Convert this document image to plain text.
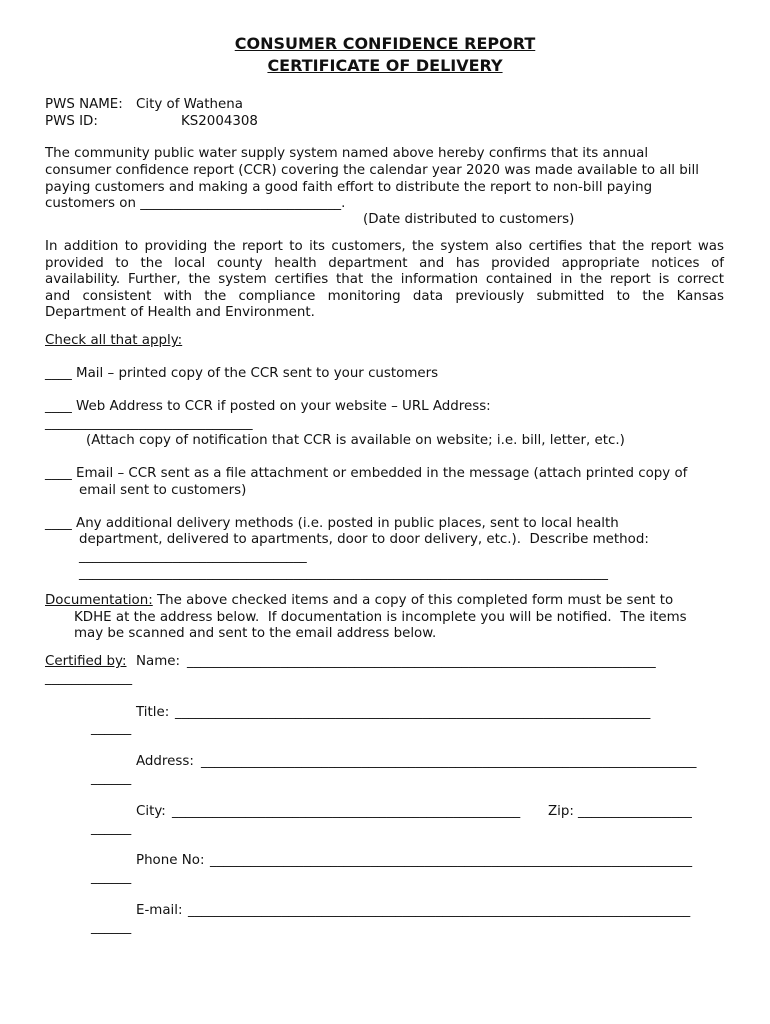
CONSUMER CONFIDENCE REPORT
CERTIFICATE OF DELIVERY
PWS NAME: City of Wathena
PWS ID:	KS2004308
The community public water supply system named above hereby confirms that its annual
consumer confidence report (CCR) covering the calendar year 2020 was made available to all bill
paying customers and making a good faith effort to distribute the report to non-bill paying
customers on ______________________________.
(Date distributed to customers)
In addition to providing the report to its customers, the system also certifies that the report was
provided to the local county health department and has provided appropriate notices of
availability. Further, the system certifies that the information contained in the report is correct
and consistent with the compliance monitoring data previously submitted to the Kansas
Department of Health and Environment.
Check all that apply:
____ Mail – printed copy of the CCR sent to your customers
____ Web Address to CCR if posted on your website – URL Address:
_______________________________
(Attach copy of notification that CCR is available on website; i.e. bill, letter, etc.)
____ Email – CCR sent as a file attachment or embedded in the message (attach printed copy of
email sent to customers)
____ Any additional delivery methods (i.e. posted in public places, sent to local health
department, delivered to apartments, door to door delivery, etc.).  Describe method:
__________________________________
_______________________________________________________________________________
Documentation: The above checked items and a copy of this completed form must be sent to
KDHE at the address below.  If documentation is incomplete you will be notified.  The items
may be scanned and sent to the email address below.
Certified by: Name: ______________________________________________________________________
_____________
Title: _______________________________________________________________________
______
Address: __________________________________________________________________________
______
City: ____________________________________________________ Zip: _________________
______
Phone No: ________________________________________________________________________
______
E-mail: ___________________________________________________________________________
______
